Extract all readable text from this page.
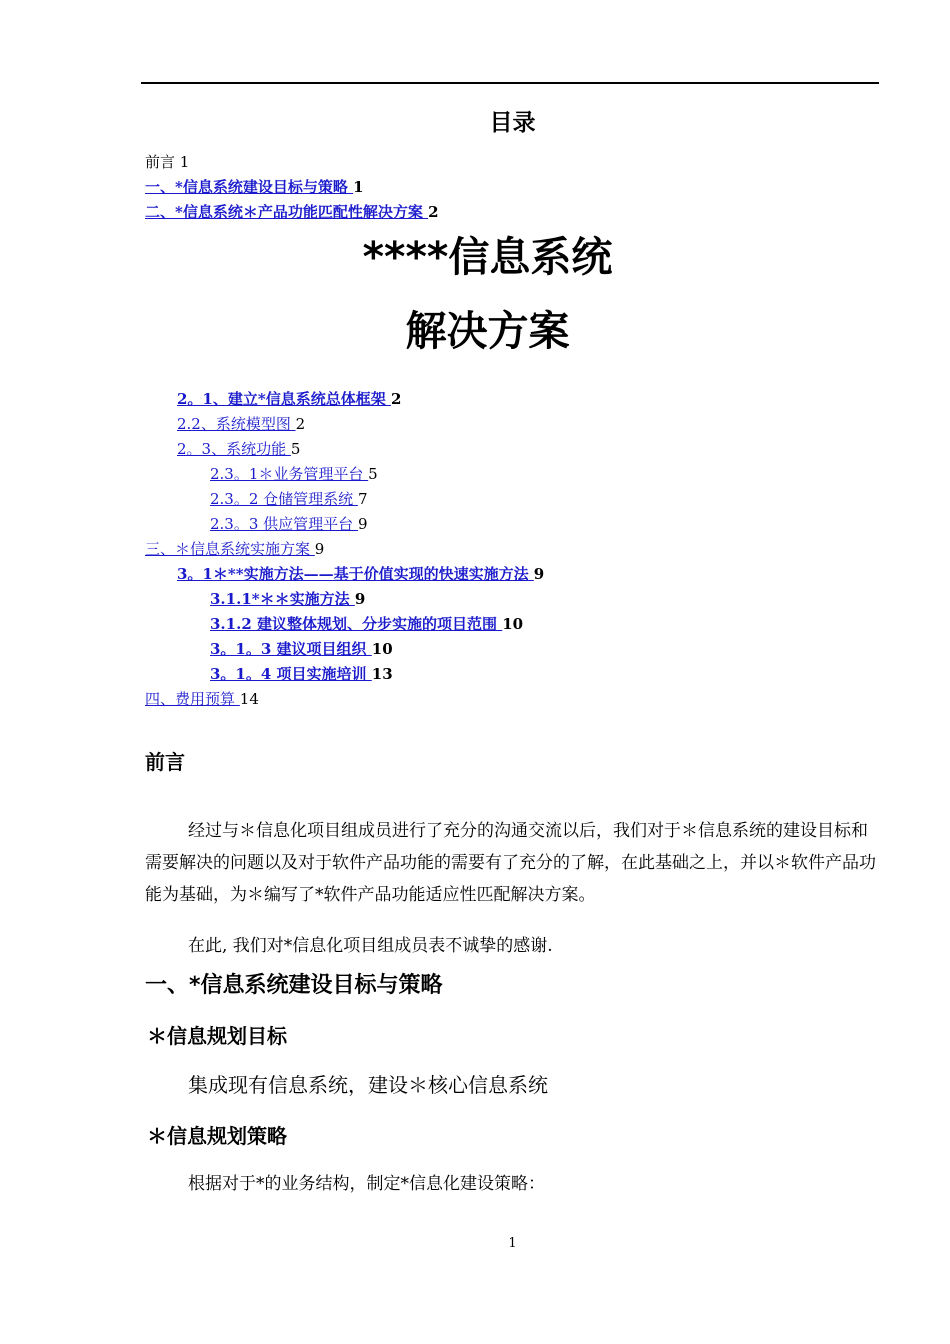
目录
前言 1
一、*信息系统建设目标与策略 1
二、*信息系统＊产品功能匹配性解决方案 2
****信息系统
解决方案
2。1、建立*信息系统总体框架 2
2.2、系统模型图 2
2。3、系统功能 5
2.3。1＊业务管理平台 5
2.3。2 仓储管理系统 7
2.3。3 供应管理平台 9
三、＊信息系统实施方案 9
3。1＊**实施方法——基于价值实现的快速实施方法 9
3.1.1*＊＊实施方法 9
3.1.2 建议整体规划、分步实施的项目范围 10
3。1。3 建议项目组织 10
3。1。4 项目实施培训 13
四、费用预算 14
前言
经过与＊信息化项目组成员进行了充分的沟通交流以后，我们对于＊信息系统的建设目标和需要解决的问题以及对于软件产品功能的需要有了充分的了解，在此基础之上，并以＊软件产品功能为基础，为＊编写了*软件产品功能适应性匹配解决方案。
在此, 我们对*信息化项目组成员表不诚挚的感谢.
一、*信息系统建设目标与策略
＊信息规划目标
集成现有信息系统，建设＊核心信息系统
＊信息规划策略
根据对于*的业务结构，制定*信息化建设策略：
1
